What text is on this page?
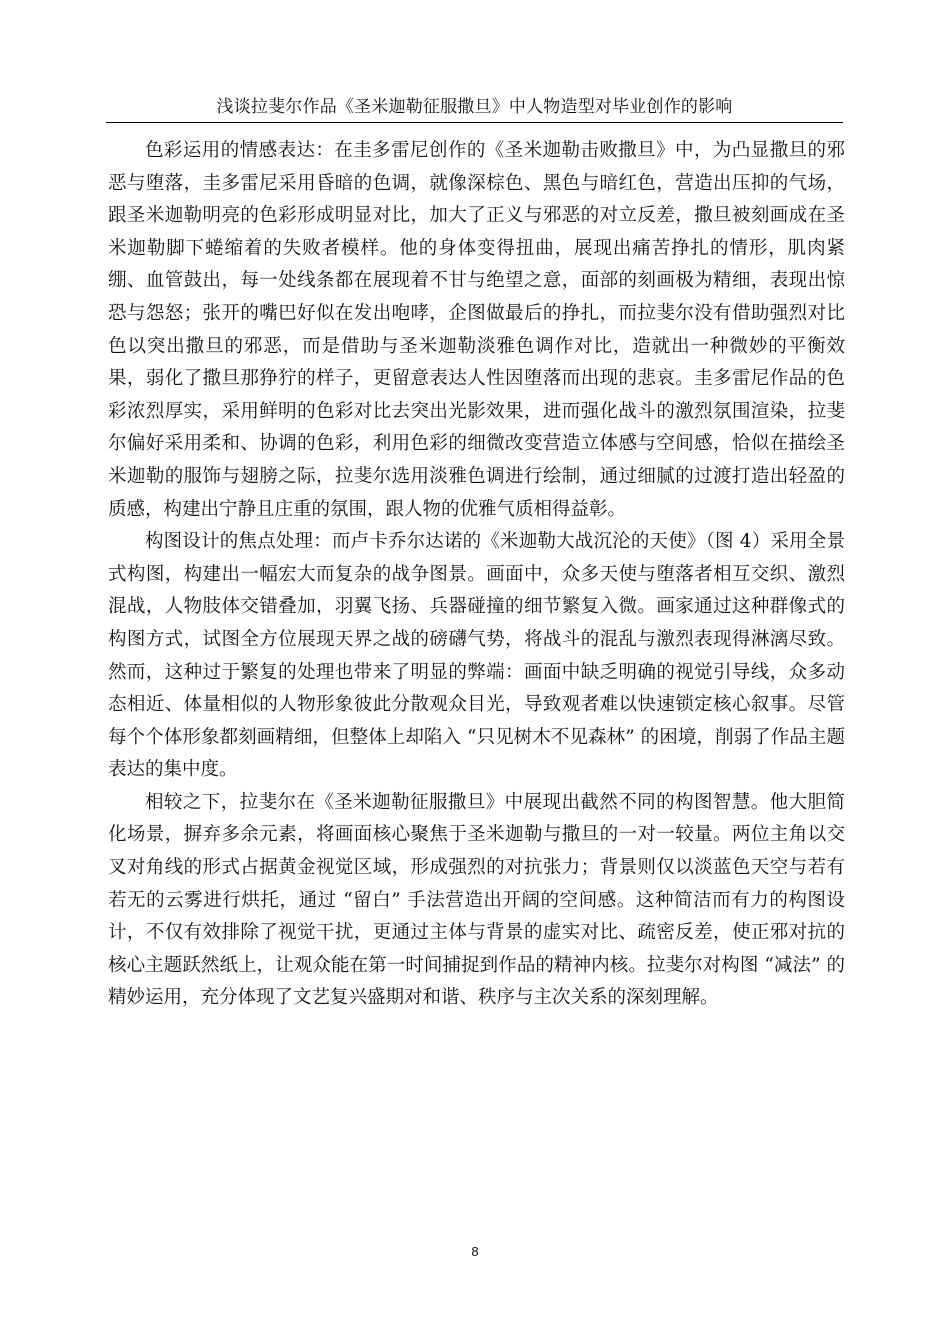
浅谈拉斐尔作品《圣米迦勒征服撒旦》中人物造型对毕业创作的影响

色彩运用的情感表达：在圭多雷尼创作的《圣米迦勒击败撒旦》中，为凸显撒旦的邪恶与堕落，圭多雷尼采用昏暗的色调，就像深棕色、黑色与暗红色，营造出压抑的气场，跟圣米迦勒明亮的色彩形成明显对比，加大了正义与邪恶的对立反差，撒旦被刻画成在圣米迦勒脚下蜷缩着的失败者模样。他的身体变得扭曲，展现出痛苦挣扎的情形，肌肉紧绷、血管鼓出，每一处线条都在展现着不甘与绝望之意，面部的刻画极为精细，表现出惊恐与怨怒；张开的嘴巴好似在发出咆哮，企图做最后的挣扎，而拉斐尔没有借助强烈对比色以突出撒旦的邪恶，而是借助与圣米迦勒淡雅色调作对比，造就出一种微妙的平衡效果，弱化了撒旦那狰狞的样子，更留意表达人性因堕落而出现的悲哀。圭多雷尼作品的色彩浓烈厚实，采用鲜明的色彩对比去突出光影效果，进而强化战斗的激烈氛围渲染，拉斐尔偏好采用柔和、协调的色彩，利用色彩的细微改变营造立体感与空间感，恰似在描绘圣米迦勒的服饰与翅膀之际，拉斐尔选用淡雅色调进行绘制，通过细腻的过渡打造出轻盈的质感，构建出宁静且庄重的氛围，跟人物的优雅气质相得益彰。

构图设计的焦点处理：而卢卡乔尔达诺的《米迦勒大战沉沦的天使》（图 4）采用全景式构图，构建出一幅宏大而复杂的战争图景。画面中，众多天使与堕落者相互交织、激烈混战，人物肢体交错叠加，羽翼飞扬、兵器碰撞的细节繁复入微。画家通过这种群像式的构图方式，试图全方位展现天界之战的磅礴气势，将战斗的混乱与激烈表现得淋漓尽致。然而，这种过于繁复的处理也带来了明显的弊端：画面中缺乏明确的视觉引导线，众多动态相近、体量相似的人物形象彼此分散观众目光，导致观者难以快速锁定核心叙事。尽管每个个体形象都刻画精细，但整体上却陷入 “只见树木不见森林” 的困境，削弱了作品主题表达的集中度。

相较之下，拉斐尔在《圣米迦勒征服撒旦》中展现出截然不同的构图智慧。他大胆简化场景，摒弃多余元素，将画面核心聚焦于圣米迦勒与撒旦的一对一较量。两位主角以交叉对角线的形式占据黄金视觉区域，形成强烈的对抗张力；背景则仅以淡蓝色天空与若有若无的云雾进行烘托，通过 “留白” 手法营造出开阔的空间感。这种简洁而有力的构图设计，不仅有效排除了视觉干扰，更通过主体与背景的虚实对比、疏密反差，使正邪对抗的核心主题跃然纸上，让观众能在第一时间捕捉到作品的精神内核。拉斐尔对构图 “减法” 的精妙运用，充分体现了文艺复兴盛期对和谐、秩序与主次关系的深刻理解。

8
